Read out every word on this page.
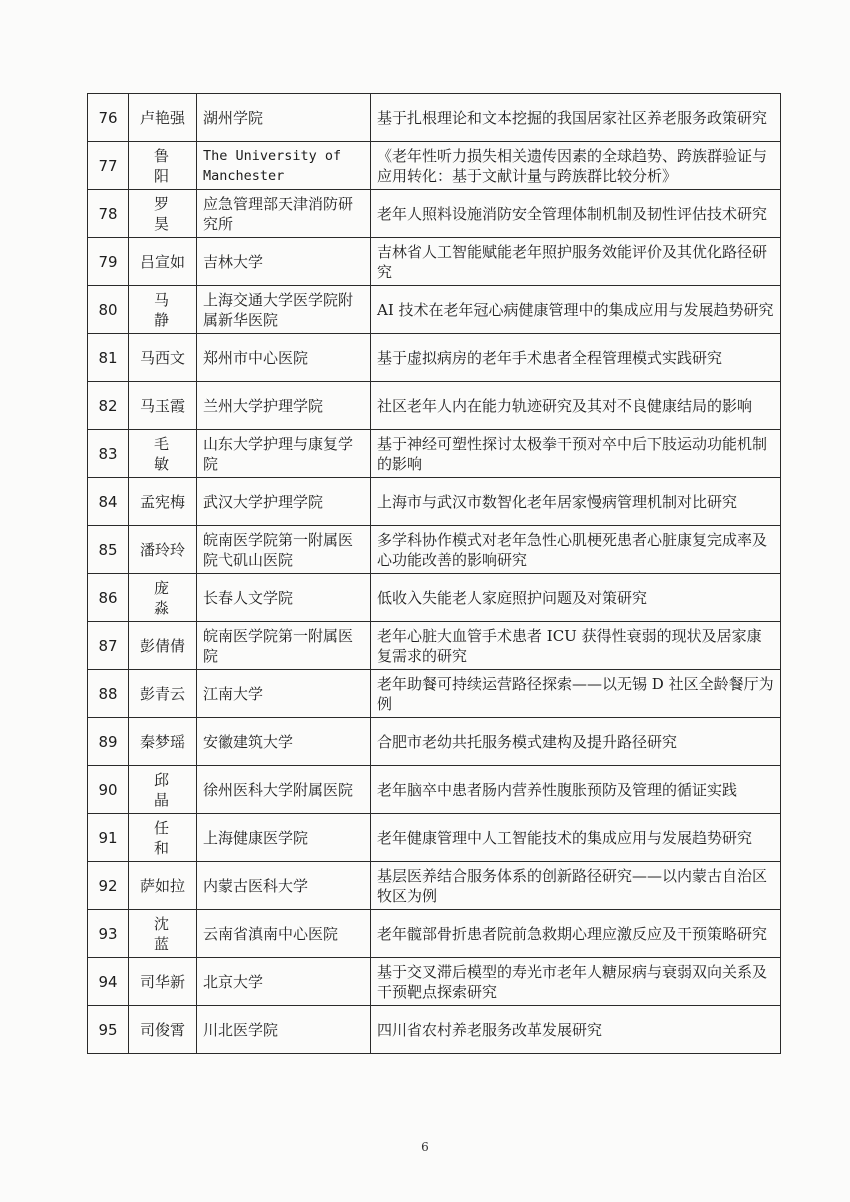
76	卢艳强	湖州学院	基于扎根理论和文本挖掘的我国居家社区养老服务政策研究
77	鲁阳	The University of Manchester	《老年性听力损失相关遗传因素的全球趋势、跨族群验证与应用转化：基于文献计量与跨族群比较分析》
78	罗昊	应急管理部天津消防研究所	老年人照料设施消防安全管理体制机制及韧性评估技术研究
79	吕宣如	吉林大学	吉林省人工智能赋能老年照护服务效能评价及其优化路径研究
80	马静	上海交通大学医学院附属新华医院	AI 技术在老年冠心病健康管理中的集成应用与发展趋势研究
81	马西文	郑州市中心医院	基于虚拟病房的老年手术患者全程管理模式实践研究
82	马玉霞	兰州大学护理学院	社区老年人内在能力轨迹研究及其对不良健康结局的影响
83	毛敏	山东大学护理与康复学院	基于神经可塑性探讨太极拳干预对卒中后下肢运动功能机制的影响
84	孟宪梅	武汉大学护理学院	上海市与武汉市数智化老年居家慢病管理机制对比研究
85	潘玲玲	皖南医学院第一附属医院弋矶山医院	多学科协作模式对老年急性心肌梗死患者心脏康复完成率及心功能改善的影响研究
86	庞淼	长春人文学院	低收入失能老人家庭照护问题及对策研究
87	彭倩倩	皖南医学院第一附属医院	老年心脏大血管手术患者 ICU 获得性衰弱的现状及居家康复需求的研究
88	彭青云	江南大学	老年助餐可持续运营路径探索——以无锡 D 社区全龄餐厅为例
89	秦梦瑶	安徽建筑大学	合肥市老幼共托服务模式建构及提升路径研究
90	邱晶	徐州医科大学附属医院	老年脑卒中患者肠内营养性腹胀预防及管理的循证实践
91	任和	上海健康医学院	老年健康管理中人工智能技术的集成应用与发展趋势研究
92	萨如拉	内蒙古医科大学	基层医养结合服务体系的创新路径研究——以内蒙古自治区牧区为例
93	沈蓝	云南省滇南中心医院	老年髋部骨折患者院前急救期心理应激反应及干预策略研究
94	司华新	北京大学	基于交叉滞后模型的寿光市老年人糖尿病与衰弱双向关系及干预靶点探索研究
95	司俊霄	川北医学院	四川省农村养老服务改革发展研究
6
